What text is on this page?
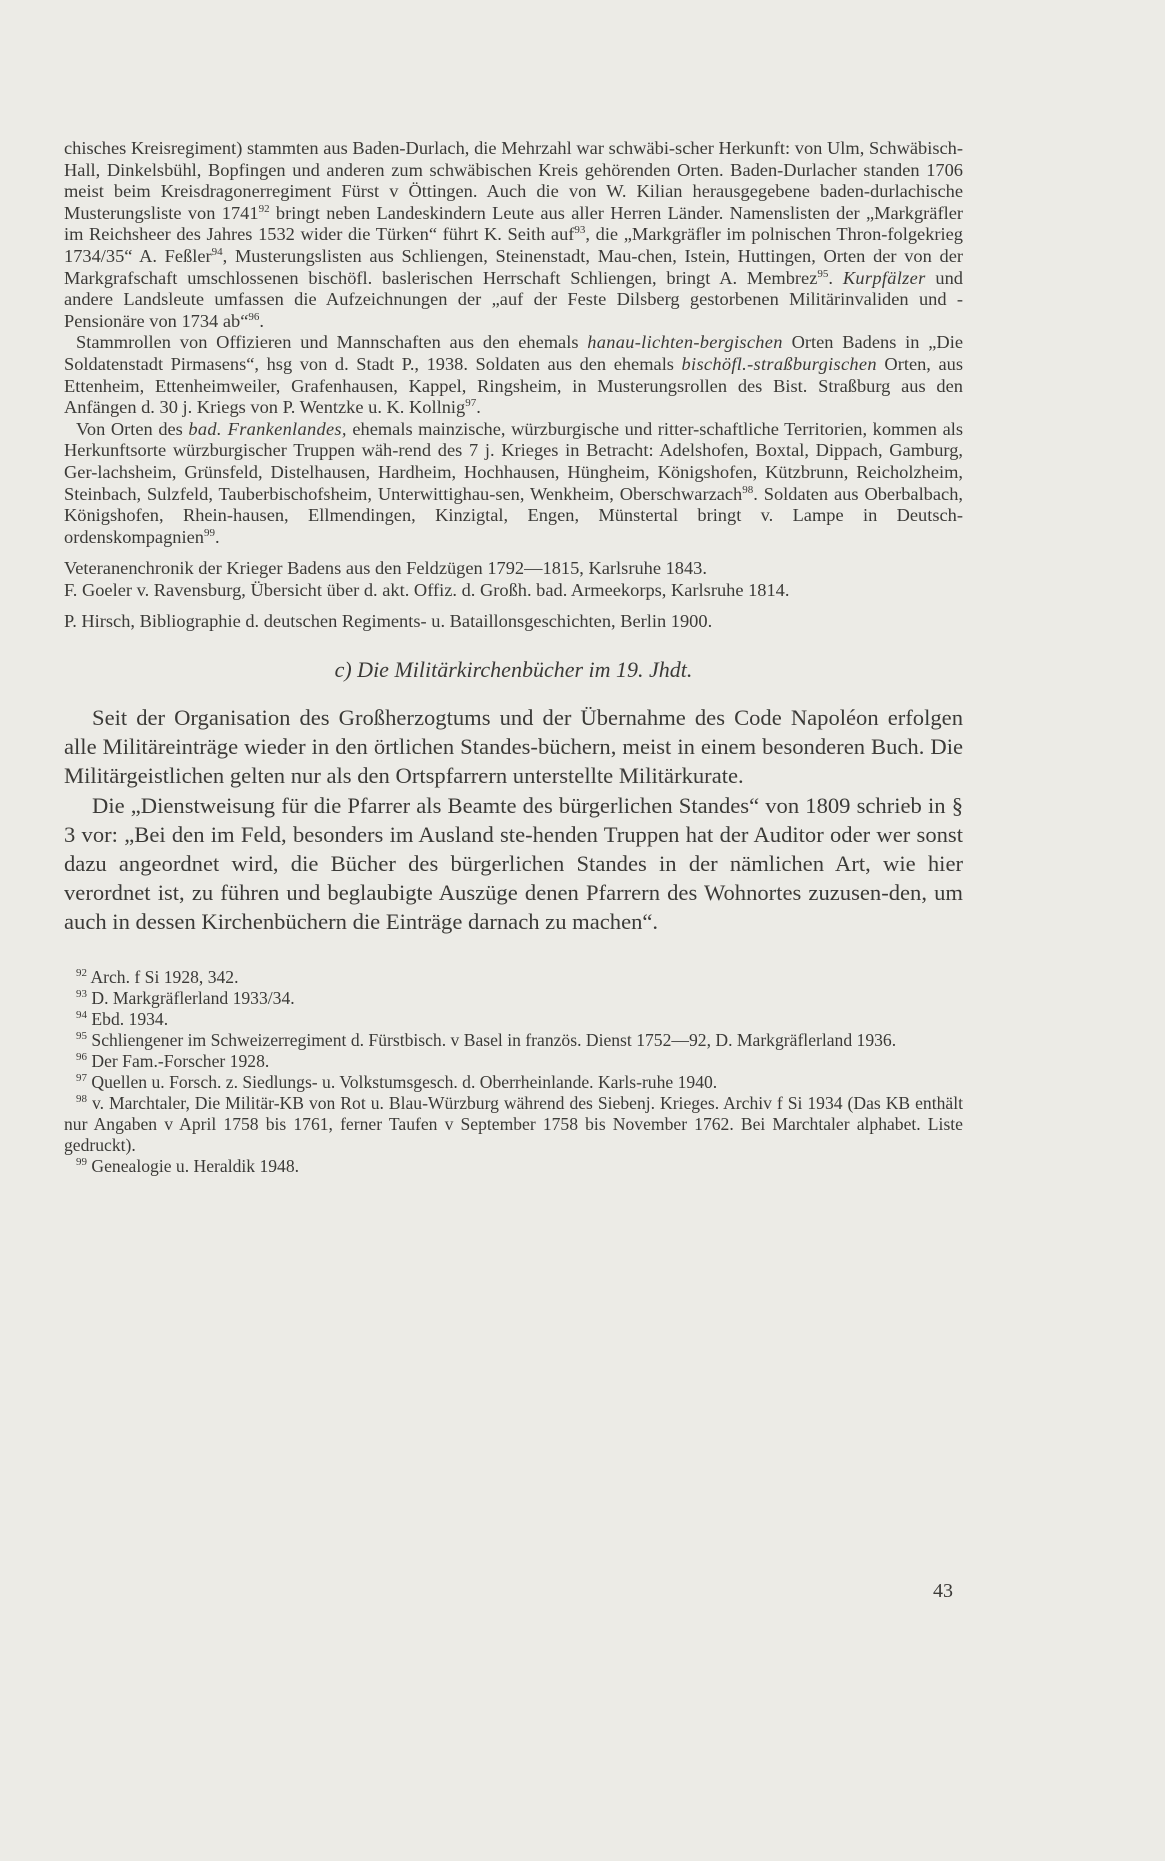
chisches Kreisregiment) stammten aus Baden-Durlach, die Mehrzahl war schwäbi-scher Herkunft: von Ulm, Schwäbisch-Hall, Dinkelsbühl, Bopfingen und anderen zum schwäbischen Kreis gehörenden Orten. Baden-Durlacher standen 1706 meist beim Kreisdragonerregiment Fürst v Öttingen. Auch die von W. Kilian herausgegebene baden-durlachische Musterungsliste von 1741$^{92}$ bringt neben Landeskindern Leute aus aller Herren Länder. Namenslisten der „Markgräfler im Reichsheer des Jahres 1532 wider die Türken“ führt K. Seith auf$^{93}$, die „Markgräfler im polnischen Thron-folgekrieg 1734/35“ A. Feßler$^{94}$, Musterungslisten aus Schliengen, Steinenstadt, Mau-chen, Istein, Huttingen, Orten der von der Markgrafschaft umschlossenen bischöfl. baslerischen Herrschaft Schliengen, bringt A. Membrez$^{95}$. Kurpfälzer und andere Landsleute umfassen die Aufzeichnungen der „auf der Feste Dilsberg gestorbenen Militärinvaliden und -Pensionäre von 1734 ab“$^{96}$.

Stammrollen von Offizieren und Mannschaften aus den ehemals hanau-lichten-bergischen Orten Badens in „Die Soldatenstadt Pirmasens“, hsg von d. Stadt P., 1938. Soldaten aus den ehemals bischöfl.-straßburgischen Orten, aus Ettenheim, Ettenheimweiler, Grafenhausen, Kappel, Ringsheim, in Musterungsrollen des Bist. Straßburg aus den Anfängen d. 30 j. Kriegs von P. Wentzke u. K. Kollnig$^{97}$.

Von Orten des bad. Frankenlandes, ehemals mainzische, würzburgische und ritter-schaftliche Territorien, kommen als Herkunftsorte würzburgischer Truppen wäh-rend des 7 j. Krieges in Betracht: Adelshofen, Boxtal, Dippach, Gamburg, Ger-lachsheim, Grünsfeld, Distelhausen, Hardheim, Hochhausen, Hüngheim, Königshofen, Kützbrunn, Reicholzheim, Steinbach, Sulzfeld, Tauberbischofsheim, Unterwittighau-sen, Wenkheim, Oberschwarzach$^{98}$. Soldaten aus Oberbalbach, Königshofen, Rhein-hausen, Ellmendingen, Kinzigtal, Engen, Münstertal bringt v. Lampe in Deutsch-ordenskompagnien$^{99}$.

Veteranenchronik der Krieger Badens aus den Feldzügen 1792—1815, Karlsruhe 1843.

F. Goeler v. Ravensburg, Übersicht über d. akt. Offiz. d. Großh. bad. Armeekorps, Karlsruhe 1814.

P. Hirsch, Bibliographie d. deutschen Regiments- u. Bataillonsgeschichten, Berlin 1900.

c) Die Militärkirchenbücher im 19. Jhdt.

Seit der Organisation des Großherzogtums und der Übernahme des Code Napoléon erfolgen alle Militäreinträge wieder in den örtlichen Standes-büchern, meist in einem besonderen Buch. Die Militärgeistlichen gelten nur als den Ortspfarrern unterstellte Militärkurate.

Die „Dienstweisung für die Pfarrer als Beamte des bürgerlichen Standes“ von 1809 schrieb in § 3 vor: „Bei den im Feld, besonders im Ausland ste-henden Truppen hat der Auditor oder wer sonst dazu angeordnet wird, die Bücher des bürgerlichen Standes in der nämlichen Art, wie hier verordnet ist, zu führen und beglaubigte Auszüge denen Pfarrern des Wohnortes zuzusen-den, um auch in dessen Kirchenbüchern die Einträge darnach zu machen“.

$^{92}$ Arch. f Si 1928, 342.

$^{93}$ D. Markgräflerland 1933/34.

$^{94}$ Ebd. 1934.

$^{95}$ Schliengener im Schweizerregiment d. Fürstbisch. v Basel in französ. Dienst 1752—92, D. Markgräflerland 1936.

$^{96}$ Der Fam.-Forscher 1928.

$^{97}$ Quellen u. Forsch. z. Siedlungs- u. Volkstumsgesch. d. Oberrheinlande. Karls-ruhe 1940.

$^{98}$ v. Marchtaler, Die Militär-KB von Rot u. Blau-Würzburg während des Siebenj. Krieges. Archiv f Si 1934 (Das KB enthält nur Angaben v April 1758 bis 1761, ferner Taufen v September 1758 bis November 1762. Bei Marchtaler alphabet. Liste gedruckt).

$^{99}$ Genealogie u. Heraldik 1948.

43
